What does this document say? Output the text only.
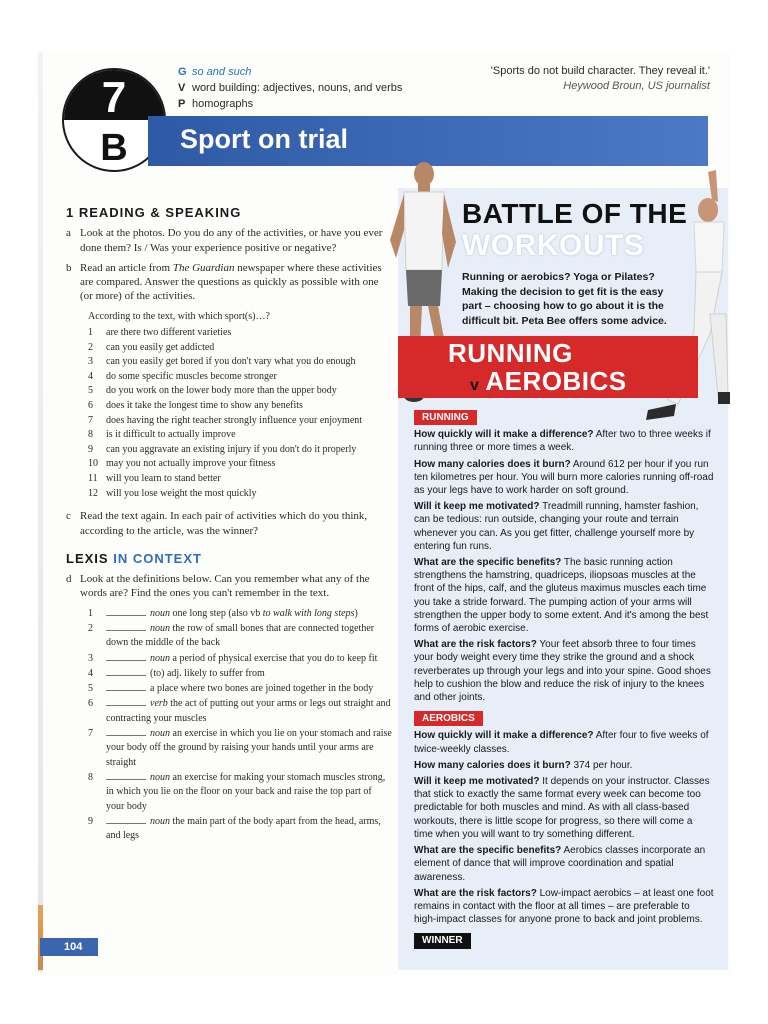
7
B
G so and such
V word building: adjectives, nouns, and verbs
P homographs
'Sports do not build character. They reveal it.'
Heywood Broun, US journalist
Sport on trial
1 READING & SPEAKING
a Look at the photos. Do you do any of the activities, or have you ever done them? Is / Was your experience positive or negative?
b Read an article from The Guardian newspaper where these activities are compared. Answer the questions as quickly as possible with one (or more) of the activities.
According to the text, with which sport(s)…?
1	are there two different varieties
2	can you easily get addicted
3	can you easily get bored if you don't vary what you do enough
4	do some specific muscles become stronger
5	do you work on the lower body more than the upper body
6	does it take the longest time to show any benefits
7	does having the right teacher strongly influence your enjoyment
8	is it difficult to actually improve
9	can you aggravate an existing injury if you don't do it properly
10 may you not actually improve your fitness
11 will you learn to stand better
12 will you lose weight the most quickly
c Read the text again. In each pair of activities which do you think, according to the article, was the winner?
LEXIS IN CONTEXT
d Look at the definitions below. Can you remember what any of the words are? Find the ones you can't remember in the text.
1	noun one long step (also vb to walk with long steps)
2	noun the row of small bones that are connected together down the middle of the back
3	noun a period of physical exercise that you do to keep fit
4	(to) adj. likely to suffer from
5	a place where two bones are joined together in the body
6	verb the act of putting out your arms or legs out straight and contracting your muscles
7	noun an exercise in which you lie on your stomach and raise your body off the ground by raising your hands until your arms are straight
8	noun an exercise for making your stomach muscles strong, in which you lie on the floor on your back and raise the top part of your body
9	noun the main part of the body apart from the head, arms, and legs
104
BATTLE OF THE
WORKOUTS
Running or aerobics? Yoga or Pilates? Making the decision to get fit is the easy part – choosing how to go about it is the difficult bit. Peta Bee offers some advice.
RUNNING
v AEROBICS
RUNNING
How quickly will it make a difference? After two to three weeks if running three or more times a week.
How many calories does it burn? Around 612 per hour if you run ten kilometres per hour. You will burn more calories running off-road as your legs have to work harder on soft ground.
Will it keep me motivated? Treadmill running, hamster fashion, can be tedious: run outside, changing your route and terrain whenever you can. As you get fitter, challenge yourself more by entering fun runs.
What are the specific benefits? The basic running action strengthens the hamstring, quadriceps, iliopsoas muscles at the front of the hips, calf, and the gluteus maximus muscles each time you take a stride forward. The pumping action of your arms will strengthen the upper body to some extent. And it's among the best forms of aerobic exercise.
What are the risk factors? Your feet absorb three to four times your body weight every time they strike the ground and a shock reverberates up through your legs and into your spine. Good shoes help to cushion the blow and reduce the risk of injury to the knees and other joints.
AEROBICS
How quickly will it make a difference? After four to five weeks of twice-weekly classes.
How many calories does it burn? 374 per hour.
Will it keep me motivated? It depends on your instructor. Classes that stick to exactly the same format every week can become too predictable for both muscles and mind. As with all class-based workouts, there is little scope for progress, so there will come a time when you will want to try something different.
What are the specific benefits? Aerobics classes incorporate an element of dance that will improve coordination and spatial awareness.
What are the risk factors? Low-impact aerobics – at least one foot remains in contact with the floor at all times – are preferable to high-impact classes for anyone prone to back and joint problems.
WINNER
